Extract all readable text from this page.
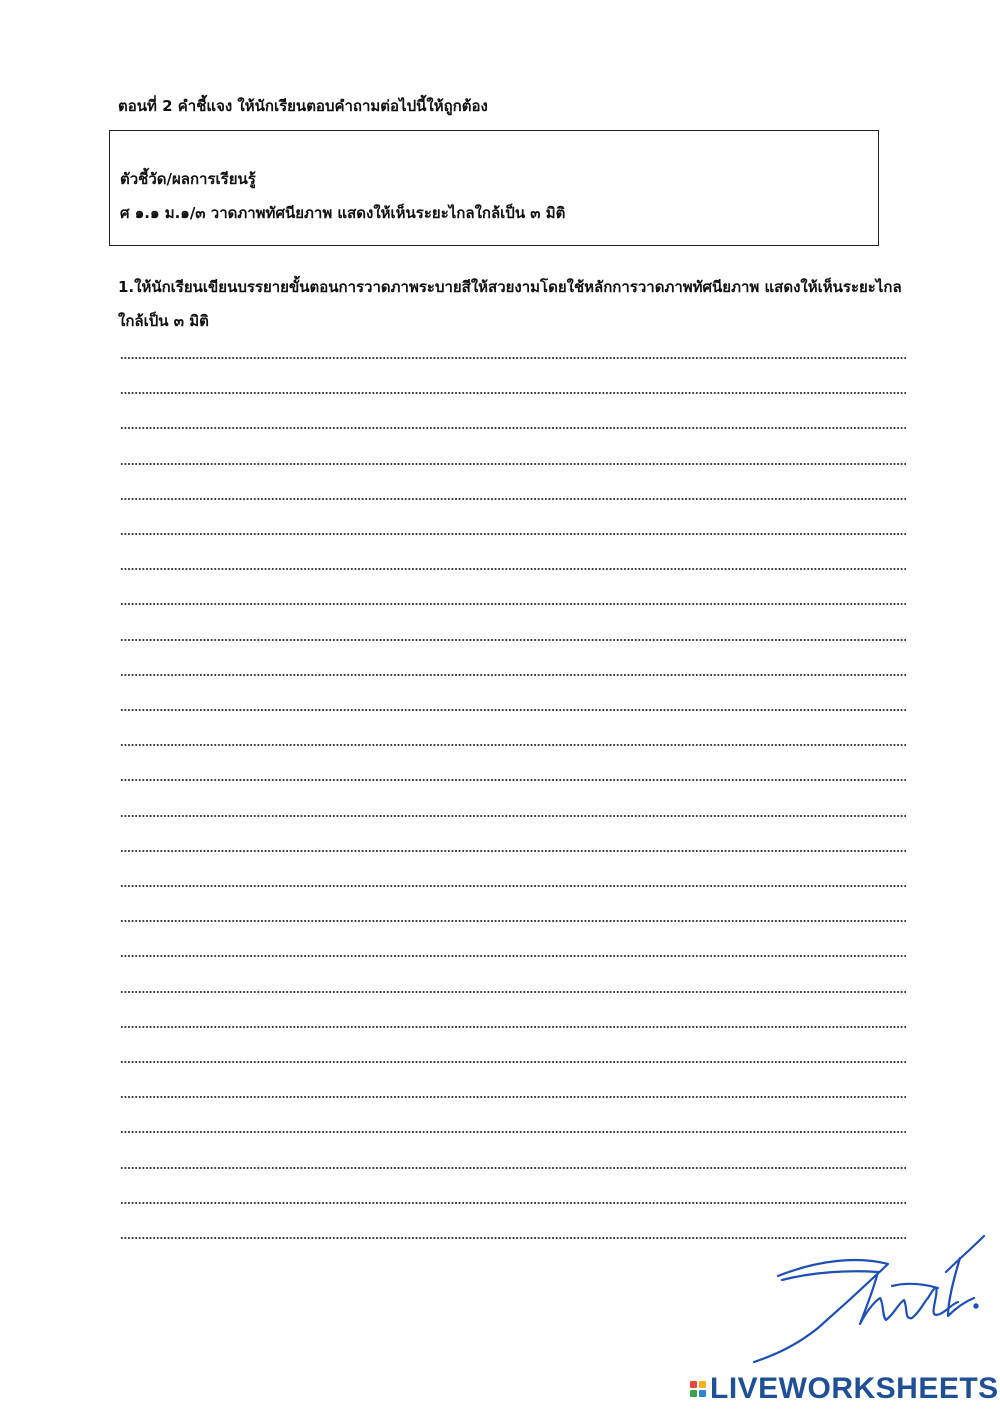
ตอนที่ 2 คำชี้แจง ให้นักเรียนตอบคำถามต่อไปนี้ให้ถูกต้อง
ตัวชี้วัด/ผลการเรียนรู้
ศ ๑.๑ ม.๑/๓ วาดภาพทัศนียภาพ แสดงให้เห็นระยะไกลใกล้เป็น ๓ มิติ
1.ให้นักเรียนเขียนบรรยายขั้นตอนการวาดภาพระบายสีให้สวยงามโดยใช้หลักการวาดภาพทัศนียภาพ แสดงให้เห็นระยะไกลใกล้เป็น ๓ มิติ
LIVEWORKSHEETS
